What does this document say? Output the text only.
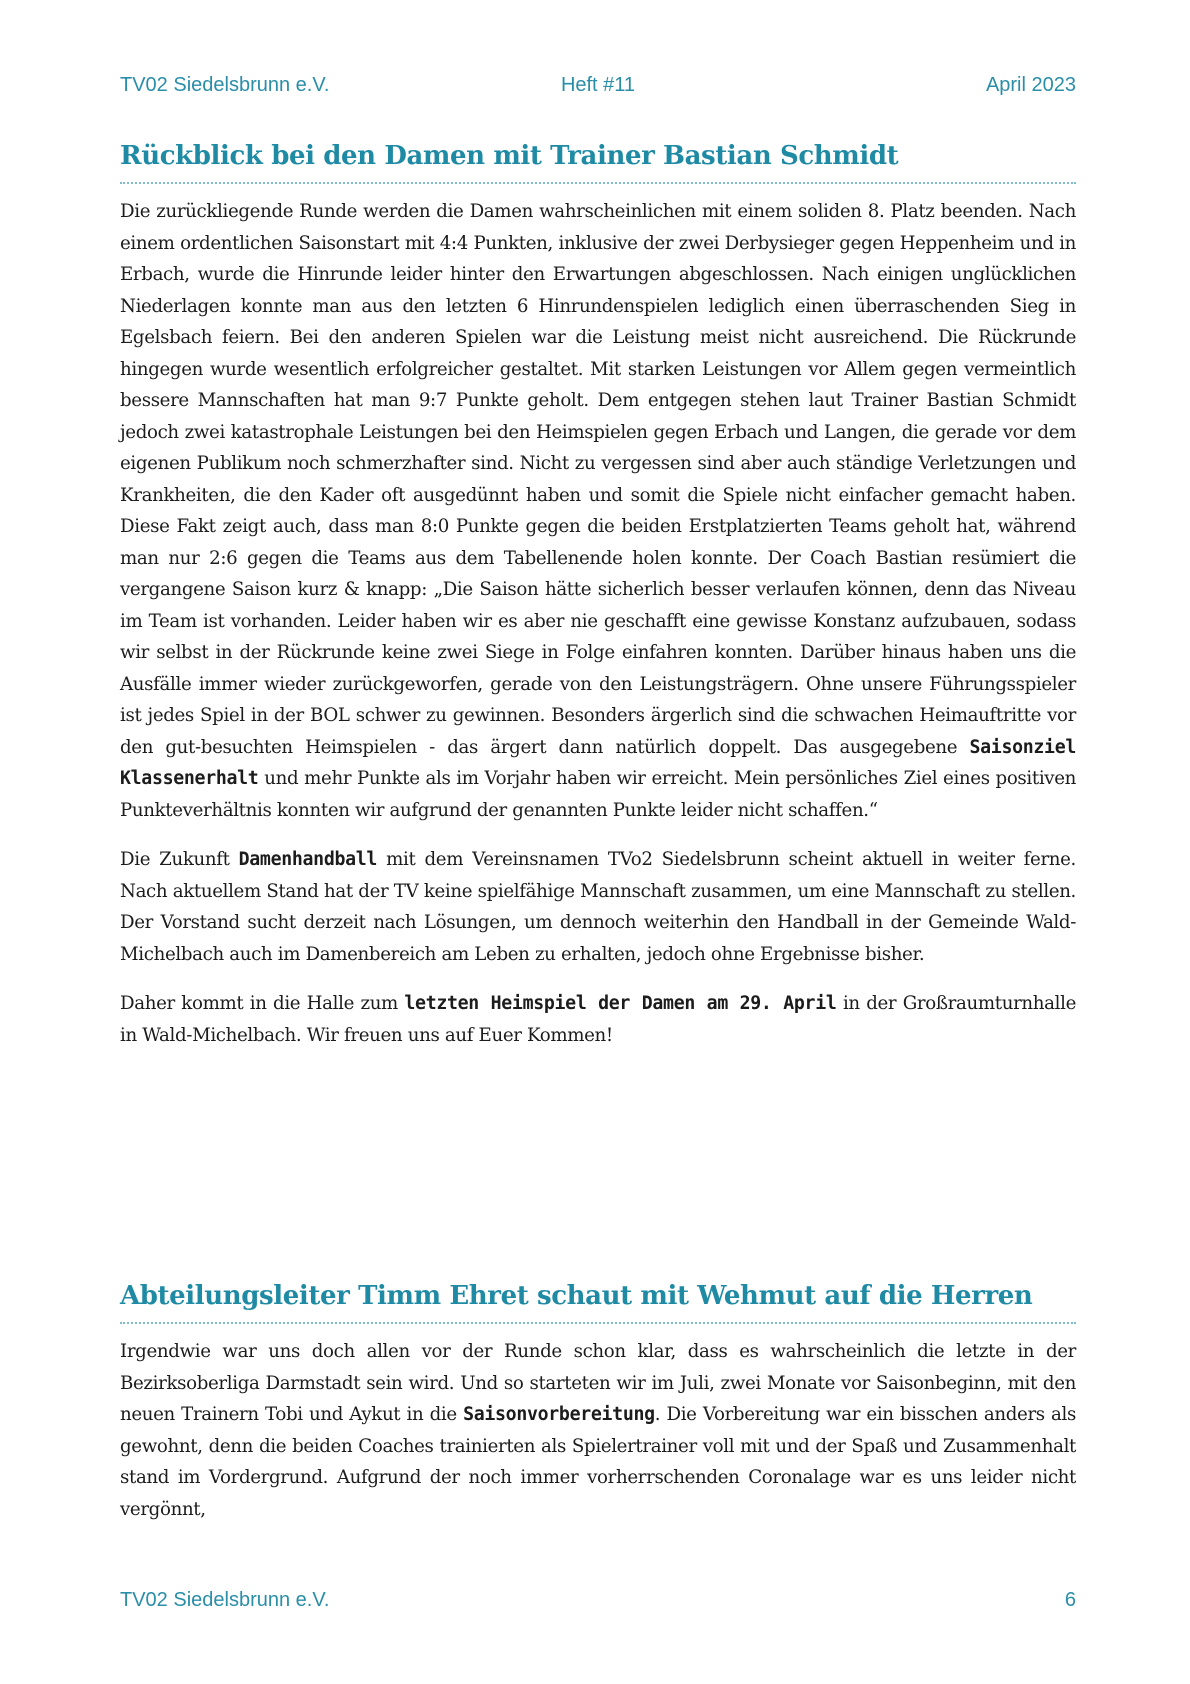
TV02 Siedelsbrunn e.V.	Heft #11	April 2023
Rückblick bei den Damen mit Trainer Bastian Schmidt

Die zurückliegende Runde werden die Damen wahrscheinlichen mit einem soliden 8. Platz beenden. Nach einem ordentlichen Saisonstart mit 4:4 Punkten, inklusive der zwei Derbysieger gegen Heppenheim und in Erbach, wurde die Hinrunde leider hinter den Erwartungen abgeschlossen. Nach einigen unglücklichen Niederlagen konnte man aus den letzten 6 Hinrundenspielen lediglich einen überraschenden Sieg in Egelsbach feiern. Bei den anderen Spielen war die Leistung meist nicht ausreichend. Die Rückrunde hingegen wurde wesentlich erfolgreicher gestaltet. Mit starken Leistungen vor Allem gegen vermeintlich bessere Mannschaften hat man 9:7 Punkte geholt. Dem entgegen stehen laut Trainer Bastian Schmidt jedoch zwei katastrophale Leistungen bei den Heimspielen gegen Erbach und Langen, die gerade vor dem eigenen Publikum noch schmerzhafter sind. Nicht zu vergessen sind aber auch ständige Verletzungen und Krankheiten, die den Kader oft ausgedünnt haben und somit die Spiele nicht einfacher gemacht haben. Diese Fakt zeigt auch, dass man 8:0 Punkte gegen die beiden Erstplatzierten Teams geholt hat, während man nur 2:6 gegen die Teams aus dem Tabellenende holen konnte. Der Coach Bastian resümiert die vergangene Saison kurz & knapp: „Die Saison hätte sicherlich besser verlaufen können, denn das Niveau im Team ist vorhanden. Leider haben wir es aber nie geschafft eine gewisse Konstanz aufzubauen, sodass wir selbst in der Rückrunde keine zwei Siege in Folge einfahren konnten. Darüber hinaus haben uns die Ausfälle immer wieder zurückgeworfen, gerade von den Leistungsträgern. Ohne unsere Führungsspieler ist jedes Spiel in der BOL schwer zu gewinnen. Besonders ärgerlich sind die schwachen Heimauftritte vor den gut-besuchten Heimspielen - das ärgert dann natürlich doppelt. Das ausgegebene Saisonziel Klassenerhalt und mehr Punkte als im Vorjahr haben wir erreicht. Mein persönliches Ziel eines positiven Punkteverhältnis konnten wir aufgrund der genannten Punkte leider nicht schaffen.“

Die Zukunft Damenhandball mit dem Vereinsnamen TVo2 Siedelsbrunn scheint aktuell in weiter ferne. Nach aktuellem Stand hat der TV keine spielfähige Mannschaft zusammen, um eine Mannschaft zu stellen. Der Vorstand sucht derzeit nach Lösungen, um dennoch weiterhin den Handball in der Gemeinde Wald-Michelbach auch im Damenbereich am Leben zu erhalten, jedoch ohne Ergebnisse bisher.

Daher kommt in die Halle zum letzten Heimspiel der Damen am 29. April in der Großraumturnhalle in Wald-Michelbach. Wir freuen uns auf Euer Kommen!

Abteilungsleiter Timm Ehret schaut mit Wehmut auf die Herren

Irgendwie war uns doch allen vor der Runde schon klar, dass es wahrscheinlich die letzte in der Bezirksoberliga Darmstadt sein wird. Und so starteten wir im Juli, zwei Monate vor Saisonbeginn, mit den neuen Trainern Tobi und Aykut in die Saisonvorbereitung. Die Vorbereitung war ein bisschen anders als gewohnt, denn die beiden Coaches trainierten als Spielertrainer voll mit und der Spaß und Zusammenhalt stand im Vordergrund. Aufgrund der noch immer vorherrschenden Coronalage war es uns leider nicht vergönnt,

TV02 Siedelsbrunn e.V.	6
